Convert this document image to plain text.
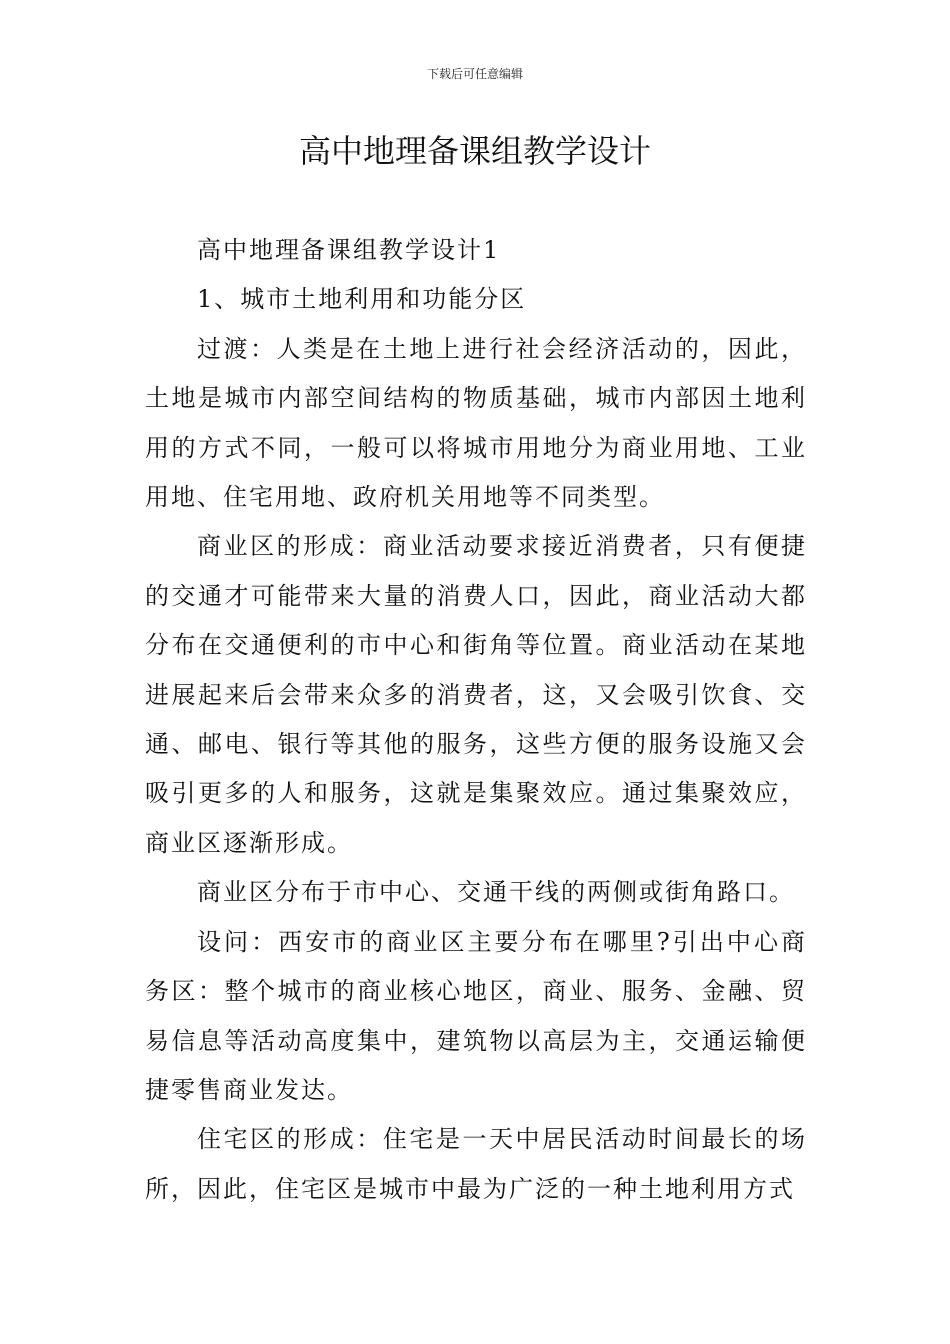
下载后可任意编辑
高中地理备课组教学设计

高中地理备课组教学设计1

1、城市土地利用和功能分区

过渡：人类是在土地上进行社会经济活动的，因此，土地是城市内部空间结构的物质基础，城市内部因土地利用的方式不同，一般可以将城市用地分为商业用地、工业用地、住宅用地、政府机关用地等不同类型。

商业区的形成：商业活动要求接近消费者，只有便捷的交通才可能带来大量的消费人口，因此，商业活动大都分布在交通便利的市中心和街角等位置。商业活动在某地进展起来后会带来众多的消费者，这，又会吸引饮食、交通、邮电、银行等其他的服务，这些方便的服务设施又会吸引更多的人和服务，这就是集聚效应。通过集聚效应，商业区逐渐形成。

商业区分布于市中心、交通干线的两侧或街角路口。

设问：西安市的商业区主要分布在哪里?引出中心商务区：整个城市的商业核心地区，商业、服务、金融、贸易信息等活动高度集中，建筑物以高层为主，交通运输便捷零售商业发达。

住宅区的形成：住宅是一天中居民活动时间最长的场所，因此，住宅区是城市中最为广泛的一种土地利用方式
